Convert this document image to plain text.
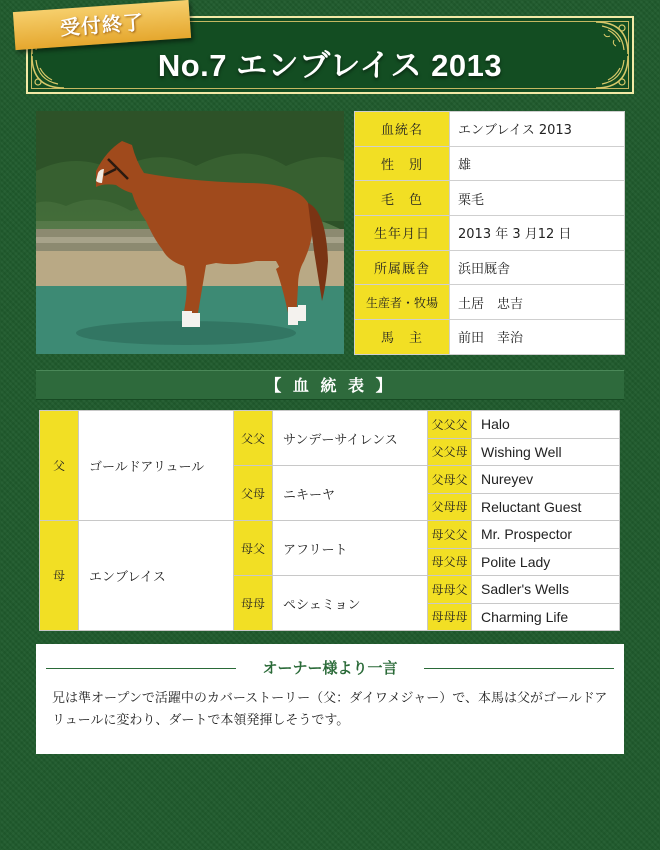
受付終了
No.7 エンブレイス 2013
血統名	エンブレイス 2013
性　別	雄
毛　色	栗毛
生年月日	2013 年 3 月12 日
所属厩舎	浜田厩舎
生産者・牧場	土居　忠吉
馬　主	前田　幸治
【 血 統 表 】
父	ゴールドアリュール	父父	サンデーサイレンス	父父父	Halo
				父父母	Wishing Well
		父母	ニキーヤ	父母父	Nureyev
				父母母	Reluctant Guest
母	エンブレイス	母父	アフリート	母父父	Mr. Prospector
				母父母	Polite Lady
		母母	ペシェミョン	母母父	Sadler's Wells
				母母母	Charming Life
オーナー様より一言
兄は準オープンで活躍中のカバーストーリー（父：ダイワメジャー）で、本馬は父がゴールドアリュールに変わり、ダートで本領発揮しそうです。
